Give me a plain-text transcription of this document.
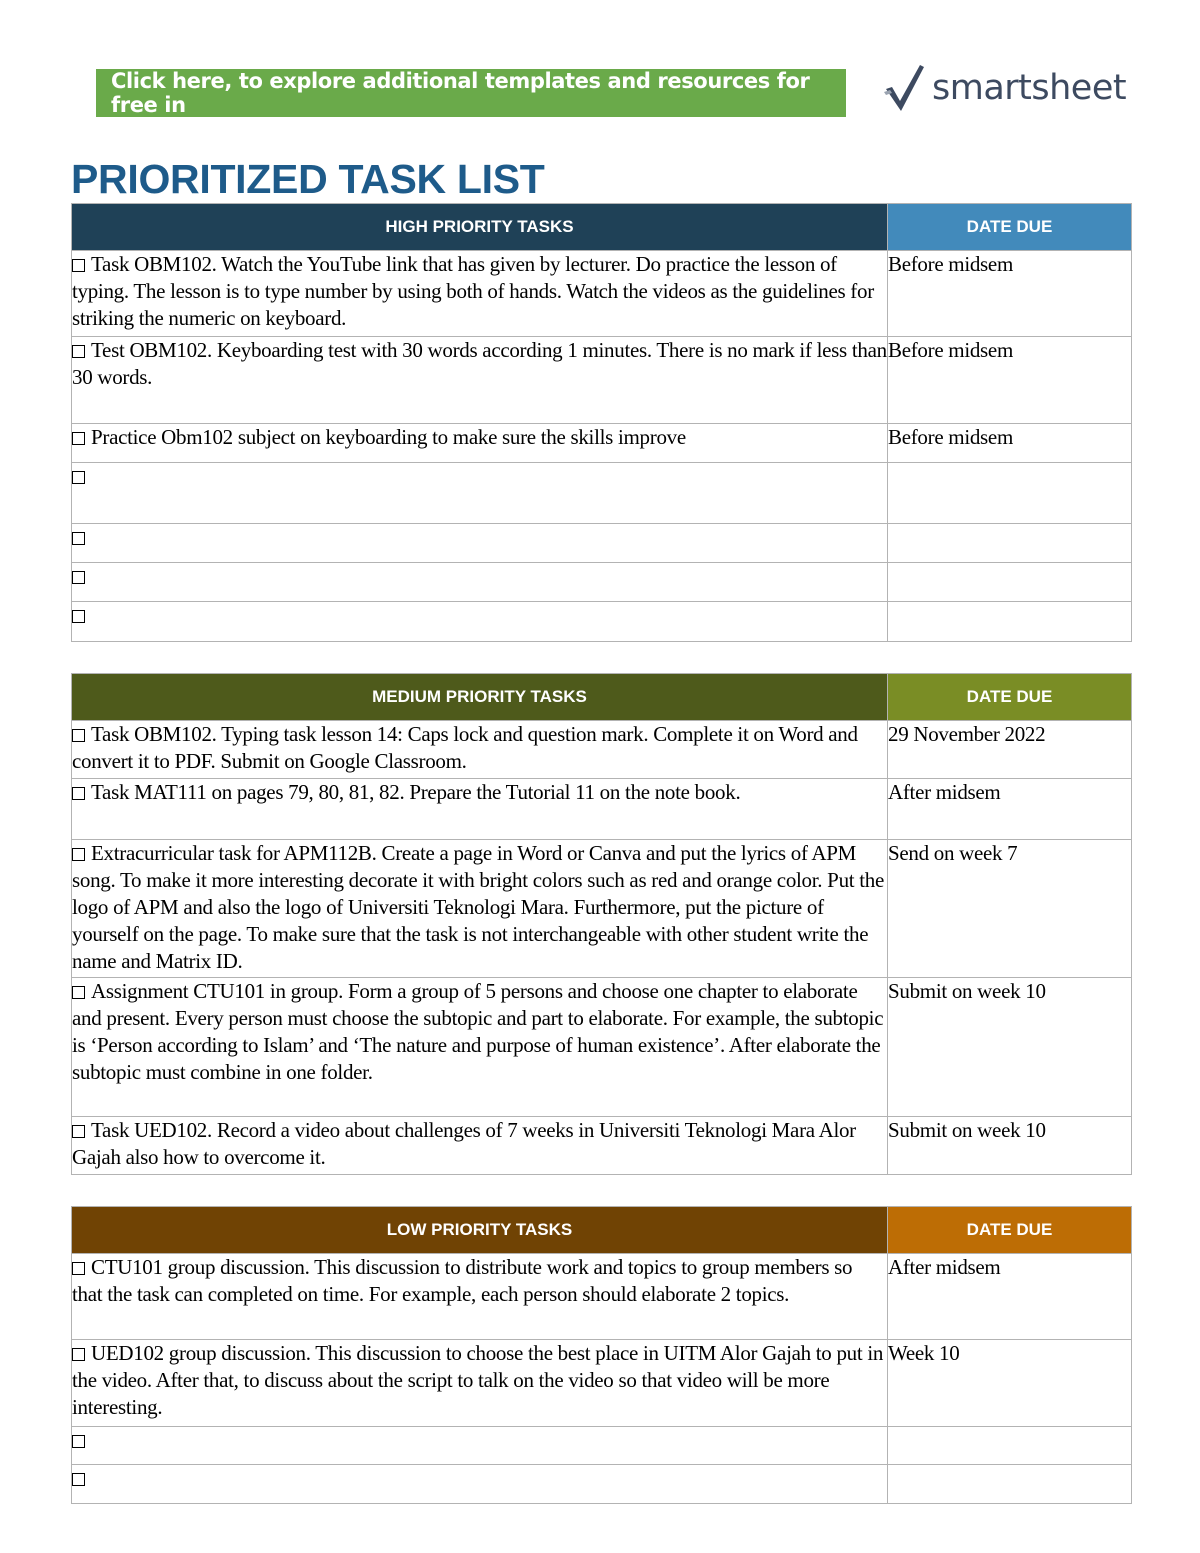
Click here, to explore additional templates and resources for free in	smartsheet
PRIORITIZED TASK LIST
HIGH PRIORITY TASKS	DATE DUE
Task OBM102. Watch the YouTube link that has given by lecturer. Do practice the lesson of typing. The lesson is to type number by using both of hands. Watch the videos as the guidelines for striking the numeric on keyboard.	Before midsem
Test OBM102. Keyboarding test with 30 words according 1 minutes. There is no mark if less than 30 words.	Before midsem
Practice Obm102 subject on keyboarding to make sure the skills improve	Before midsem

MEDIUM PRIORITY TASKS	DATE DUE
Task OBM102. Typing task lesson 14: Caps lock and question mark. Complete it on Word and convert it to PDF. Submit on Google Classroom.	29 November 2022
Task MAT111 on pages 79, 80, 81, 82. Prepare the Tutorial 11 on the note book.	After midsem
Extracurricular task for APM112B. Create a page in Word or Canva and put the lyrics of APM song. To make it more interesting decorate it with bright colors such as red and orange color. Put the logo of APM and also the logo of Universiti Teknologi Mara. Furthermore, put the picture of yourself on the page. To make sure that the task is not interchangeable with other student write the name and Matrix ID.	Send on week 7
Assignment CTU101 in group. Form a group of 5 persons and choose one chapter to elaborate and present. Every person must choose the subtopic and part to elaborate. For example, the subtopic is ‘Person according to Islam’ and ‘The nature and purpose of human existence’. After elaborate the subtopic must combine in one folder.	Submit on week 10
Task UED102. Record a video about challenges of 7 weeks in Universiti Teknologi Mara Alor Gajah also how to overcome it.	Submit on week 10
LOW PRIORITY TASKS	DATE DUE
CTU101 group discussion. This discussion to distribute work and topics to group members so that the task can completed on time. For example, each person should elaborate 2 topics.	After midsem
UED102 group discussion. This discussion to choose the best place in UITM Alor Gajah to put in the video. After that, to discuss about the script to talk on the video so that video will be more interesting.	Week 10
